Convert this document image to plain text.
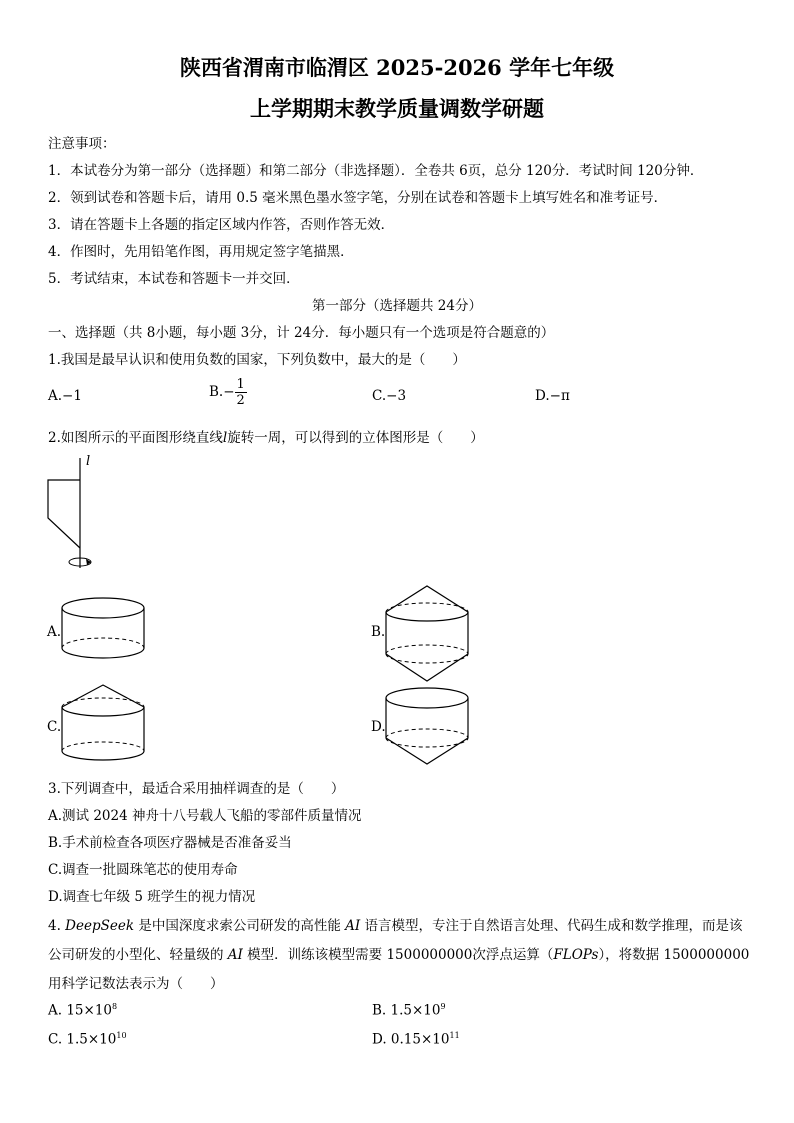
陕西省渭南市临渭区 2025-2026 学年七年级
上学期期末教学质量调数学研题
注意事项：
1．本试卷分为第一部分（选择题）和第二部分（非选择题）．全卷共 6页，总分 120分．考试时间 120分钟．
2．领到试卷和答题卡后，请用 0.5 毫米黑色墨水签字笔，分别在试卷和答题卡上填写姓名和准考证号．
3．请在答题卡上各题的指定区域内作答，否则作答无效．
4．作图时，先用铅笔作图，再用规定签字笔描黑．
5．考试结束，本试卷和答题卡一并交回．
第一部分（选择题共 24分）
一、选择题（共 8小题，每小题 3分，计 24分．每小题只有一个选项是符合题意的）
1.我国是最早认识和使用负数的国家，下列负数中，最大的是（　　）
A.−1	$B.- \frac{1}{2}$	C.−3	D.−π
2.如图所示的平面图形绕直线l旋转一周，可以得到的立体图形是（　　）
l
A.	B.
C.	D.
3.下列调查中，最适合采用抽样调查的是（　　）
A.测试 2024 神舟十八号载人飞船的零部件质量情况
B.手术前检查各项医疗器械是否准备妥当
C.调查一批圆珠笔芯的使用寿命
D.调查七年级 5 班学生的视力情况
4. DeepSeek 是中国深度求索公司研发的高性能 AI 语言模型，专注于自然语言处理、代码生成和数学推理，而是该
公司研发的小型化、轻量级的 AI 模型．训练该模型需要 1500000000次浮点运算（FLOPs），将数据 1500000000
用科学记数法表示为（　　）
A. $15\times 10^8$	B. $1.5\times 10^9$
C. $1.5\times 10^{10}$	D. $0.15\times 10^{11}$
